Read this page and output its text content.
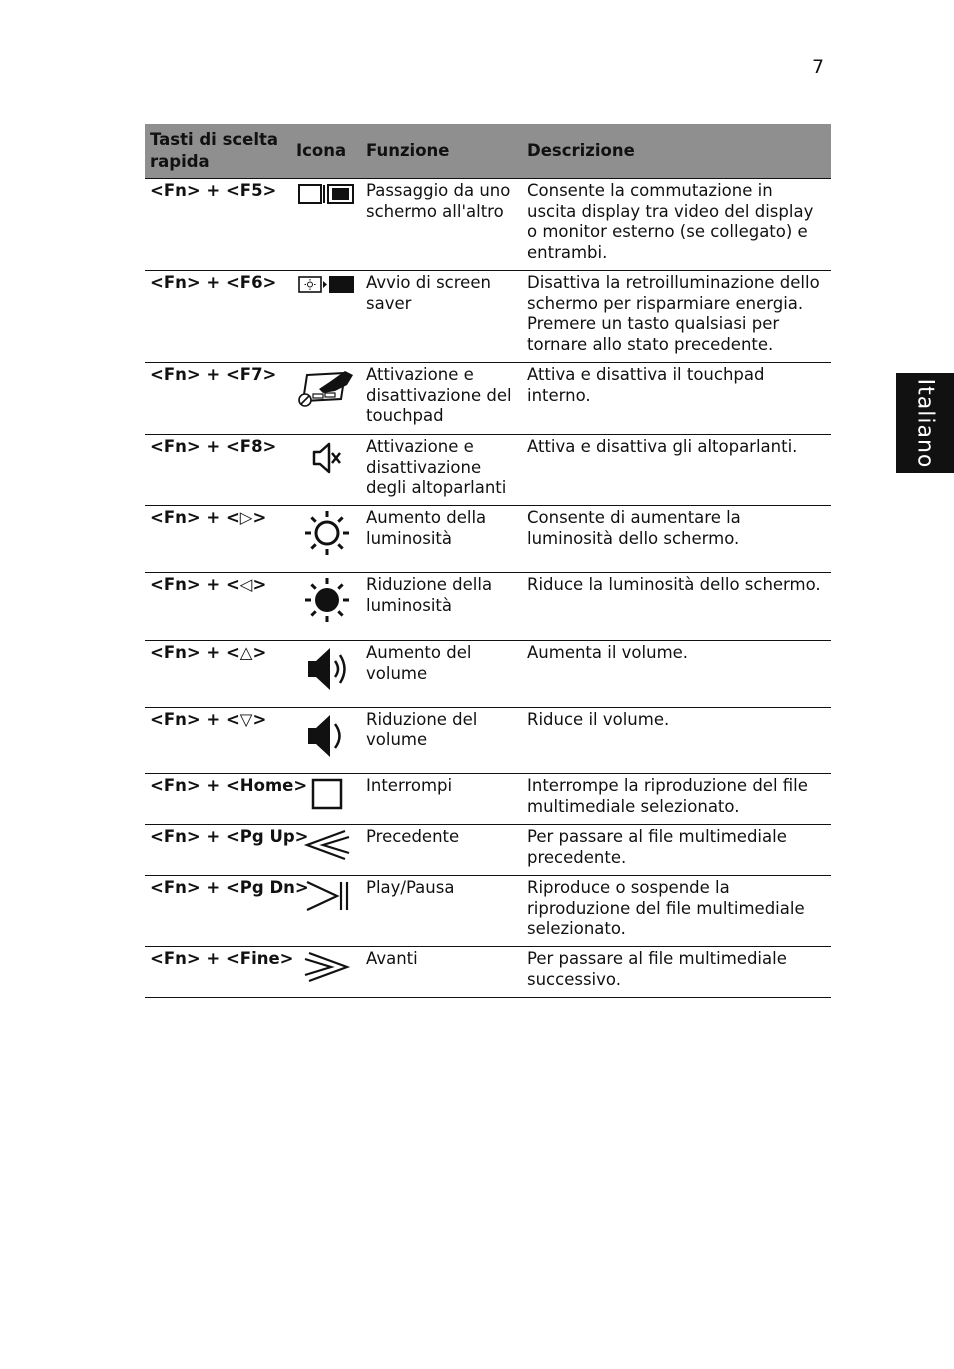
7
Italiano
Tasti di scelta rapida	Icona	Funzione	Descrizione
<Fn> + <F5>		Passaggio da uno schermo all'altro	Consente la commutazione in uscita display tra video del display o monitor esterno (se collegato) e entrambi.
<Fn> + <F6>		Avvio di screen saver	Disattiva la retroilluminazione dello schermo per risparmiare energia. Premere un tasto qualsiasi per tornare allo stato precedente.
<Fn> + <F7>		Attivazione e disattivazione del touchpad	Attiva e disattiva il touchpad interno.
<Fn> + <F8>		Attivazione e disattivazione degli altoparlanti	Attiva e disattiva gli altoparlanti.
<Fn> + <▷>		Aumento della luminosità	Consente di aumentare la luminosità dello schermo.
<Fn> + <◁>		Riduzione della luminosità	Riduce la luminosità dello schermo.
<Fn> + <△>		Aumento del volume	Aumenta il volume.
<Fn> + <▽>		Riduzione del volume	Riduce il volume.
<Fn> + <Home>		Interrompi	Interrompe la riproduzione del file multimediale selezionato.
<Fn> + <Pg Up>		Precedente	Per passare al file multimediale precedente.
<Fn> + <Pg Dn>		Play/Pausa	Riproduce o sospende la riproduzione del file multimediale selezionato.
<Fn> + <Fine>		Avanti	Per passare al file multimediale successivo.
